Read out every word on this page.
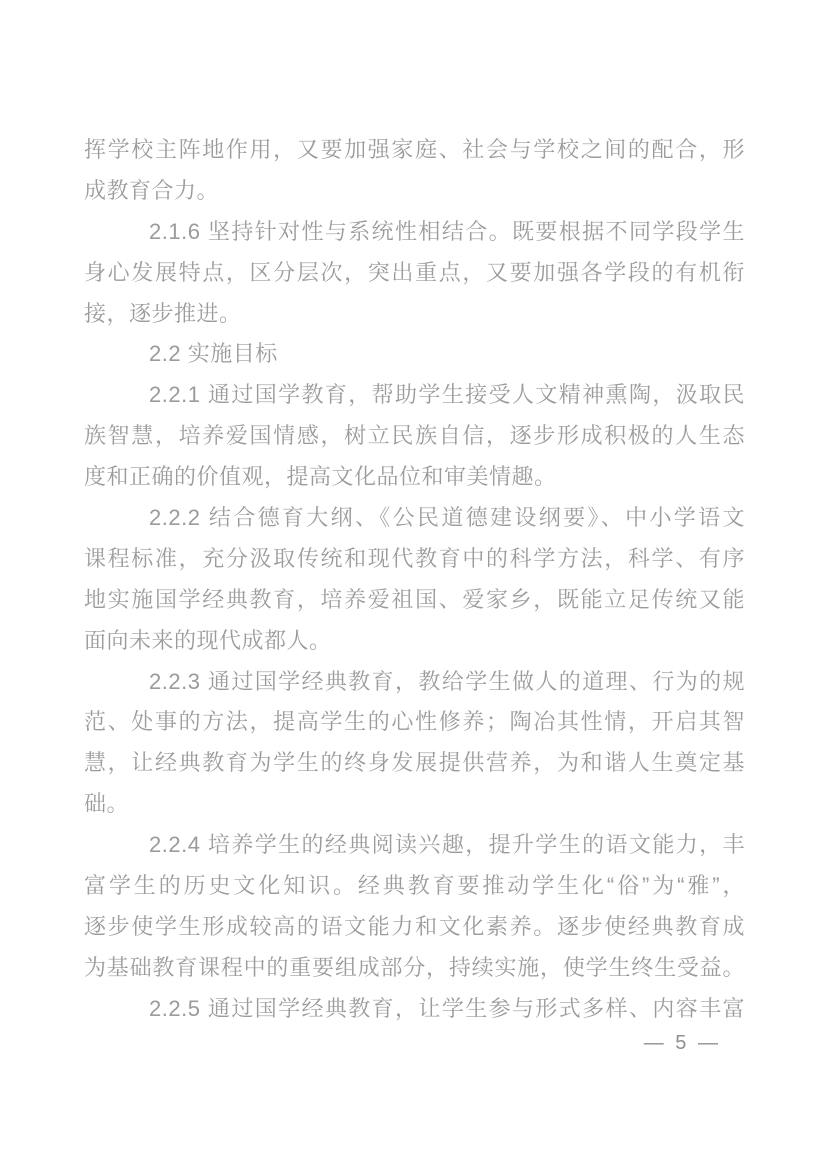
挥学校主阵地作用，又要加强家庭、社会与学校之间的配合，形
成教育合力。
2.1.6 坚持针对性与系统性相结合。既要根据不同学段学生
身心发展特点，区分层次，突出重点，又要加强各学段的有机衔
接，逐步推进。
2.2 实施目标
2.2.1 通过国学教育，帮助学生接受人文精神熏陶，汲取民
族智慧，培养爱国情感，树立民族自信，逐步形成积极的人生态
度和正确的价值观，提高文化品位和审美情趣。
2.2.2 结合德育大纲、《公民道德建设纲要》、中小学语文
课程标准，充分汲取传统和现代教育中的科学方法，科学、有序
地实施国学经典教育，培养爱祖国、爱家乡，既能立足传统又能
面向未来的现代成都人。
2.2.3 通过国学经典教育，教给学生做人的道理、行为的规
范、处事的方法，提高学生的心性修养；陶冶其性情，开启其智
慧，让经典教育为学生的终身发展提供营养，为和谐人生奠定基
础。
2.2.4 培养学生的经典阅读兴趣，提升学生的语文能力，丰
富学生的历史文化知识。经典教育要推动学生化“俗”为“雅”，
逐步使学生形成较高的语文能力和文化素养。逐步使经典教育成
为基础教育课程中的重要组成部分，持续实施，使学生终生受益。
2.2.5 通过国学经典教育，让学生参与形式多样、内容丰富
— 5 —
